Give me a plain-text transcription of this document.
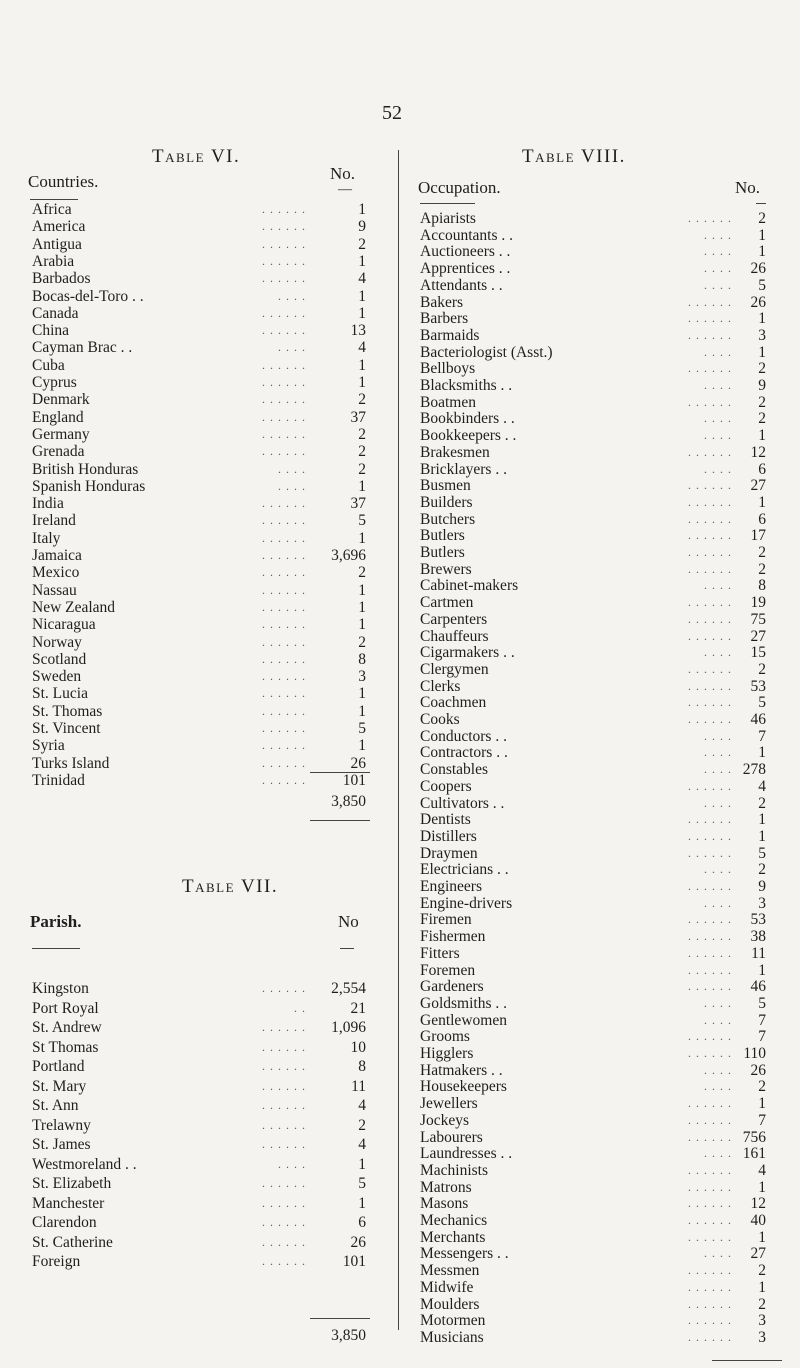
52
Table VI.
Countries.	No.
—
Africa	. . . . . .	1
America	. . . . . .	9
Antigua	. . . . . .	2
Arabia	. . . . . .	1
Barbados	. . . . . .	4
Bocas-del-Toro . .	. . . .	1
Canada	. . . . . .	1
China	. . . . . .	13
Cayman Brac . .	. . . .	4
Cuba	. . . . . .	1
Cyprus	. . . . . .	1
Denmark	. . . . . .	2
England	. . . . . .	37
Germany	. . . . . .	2
Grenada	. . . . . .	2
British Honduras	. . . .	2
Spanish Honduras	. . . .	1
India	. . . . . .	37
Ireland	. . . . . .	5
Italy	. . . . . .	1
Jamaica	. . . . . . 3,696
Mexico	. . . . . .	2
Nassau	. . . . . .	1
New Zealand	. . . . . .	1
Nicaragua	. . . . . .	1
Norway	. . . . . .	2
Scotland	. . . . . .	8
Sweden	. . . . . .	3
St. Lucia	. . . . . .	1
St. Thomas	. . . . . .	1
St. Vincent	. . . . . .	5
Syria	. . . . . .	1
Turks Island	. . . . . .	26
Trinidad	. . . . . . 101
3,850
Table VII.
Parish.	No
Kingston	. . . . . . 2,554
Port Royal	. .	21
St. Andrew	. . . . . . 1,096
St Thomas	. . . . . .	10
Portland	. . . . . .	8
St. Mary	. . . . . .	11
St. Ann	. . . . . .	4
Trelawny	. . . . . .	2
St. James	. . . . . .	4
Westmoreland . .	. . . .	1
St. Elizabeth	. . . . . .	5
Manchester	. . . . . .	1
Clarendon	. . . . . .	6
St. Catherine	. . . . . .	26
Foreign	. . . . . . 101
3,850
Table VIII.
Occupation.	No.
Apiarists	. . . . . . 2
Accountants . .	. . . . 1
Auctioneers . .	. . . . 1
Apprentices . .	. . . . 26
Attendants . .	. . . . 5
Bakers	. . . . . . 26
Barbers	. . . . . . 1
Barmaids	. . . . . . 3
Bacteriologist (Asst.)	. . . . 1
Bellboys	. . . . . . 2
Blacksmiths . .	. . . . 9
Boatmen	. . . . . . 2
Bookbinders . .	. . . . 2
Bookkeepers . .	. . . . 1
Brakesmen	. . . . . . 12
Bricklayers . .	. . . . 6
Busmen	. . . . . . 27
Builders	. . . . . . 1
Butchers	. . . . . . 6
Butlers	. . . . . . 17
Butlers	. . . . . . 2
Brewers	. . . . . . 2
Cabinet-makers	. . . . 8
Cartmen	. . . . . . 19
Carpenters	. . . . . . 75
Chauffeurs	. . . . . . 27
Cigarmakers . .	. . . . 15
Clergymen	. . . . . . 2
Clerks	. . . . . . 53
Coachmen	. . . . . . 5
Cooks	. . . . . . 46
Conductors . .	. . . . 7
Contractors . .	. . . . 1
Constables	. . . . 278
Coopers	. . . . . . 4
Cultivators . .	. . . . 2
Dentists	. . . . . . 1
Distillers	. . . . . . 1
Draymen	. . . . . . 5
Electricians . .	. . . . 2
Engineers	. . . . . . 9
Engine-drivers	. . . . 3
Firemen	. . . . . . 53
Fishermen	. . . . . . 38
Fitters	. . . . . . 11
Foremen	. . . . . . 1
Gardeners	. . . . . . 46
Goldsmiths . .	. . . . 5
Gentlewomen	. . . . 7
Grooms	. . . . . . 7
Higglers	. . . . . . 110
Hatmakers . .	. . . . 26
Housekeepers	. . . . 2
Jewellers	. . . . . . 1
Jockeys	. . . . . . 7
Labourers	. . . . . . 756
Laundresses . .	. . . . 161
Machinists	. . . . . . 4
Matrons	. . . . . . 1
Masons	. . . . . . 12
Mechanics	. . . . . . 40
Merchants	. . . . . . 1
Messengers . .	. . . . 27
Messmen	. . . . . . 2
Midwife	. . . . . . 1
Moulders	. . . . . . 2
Motormen	. . . . . . 3
Musicians	. . . . . . 3
